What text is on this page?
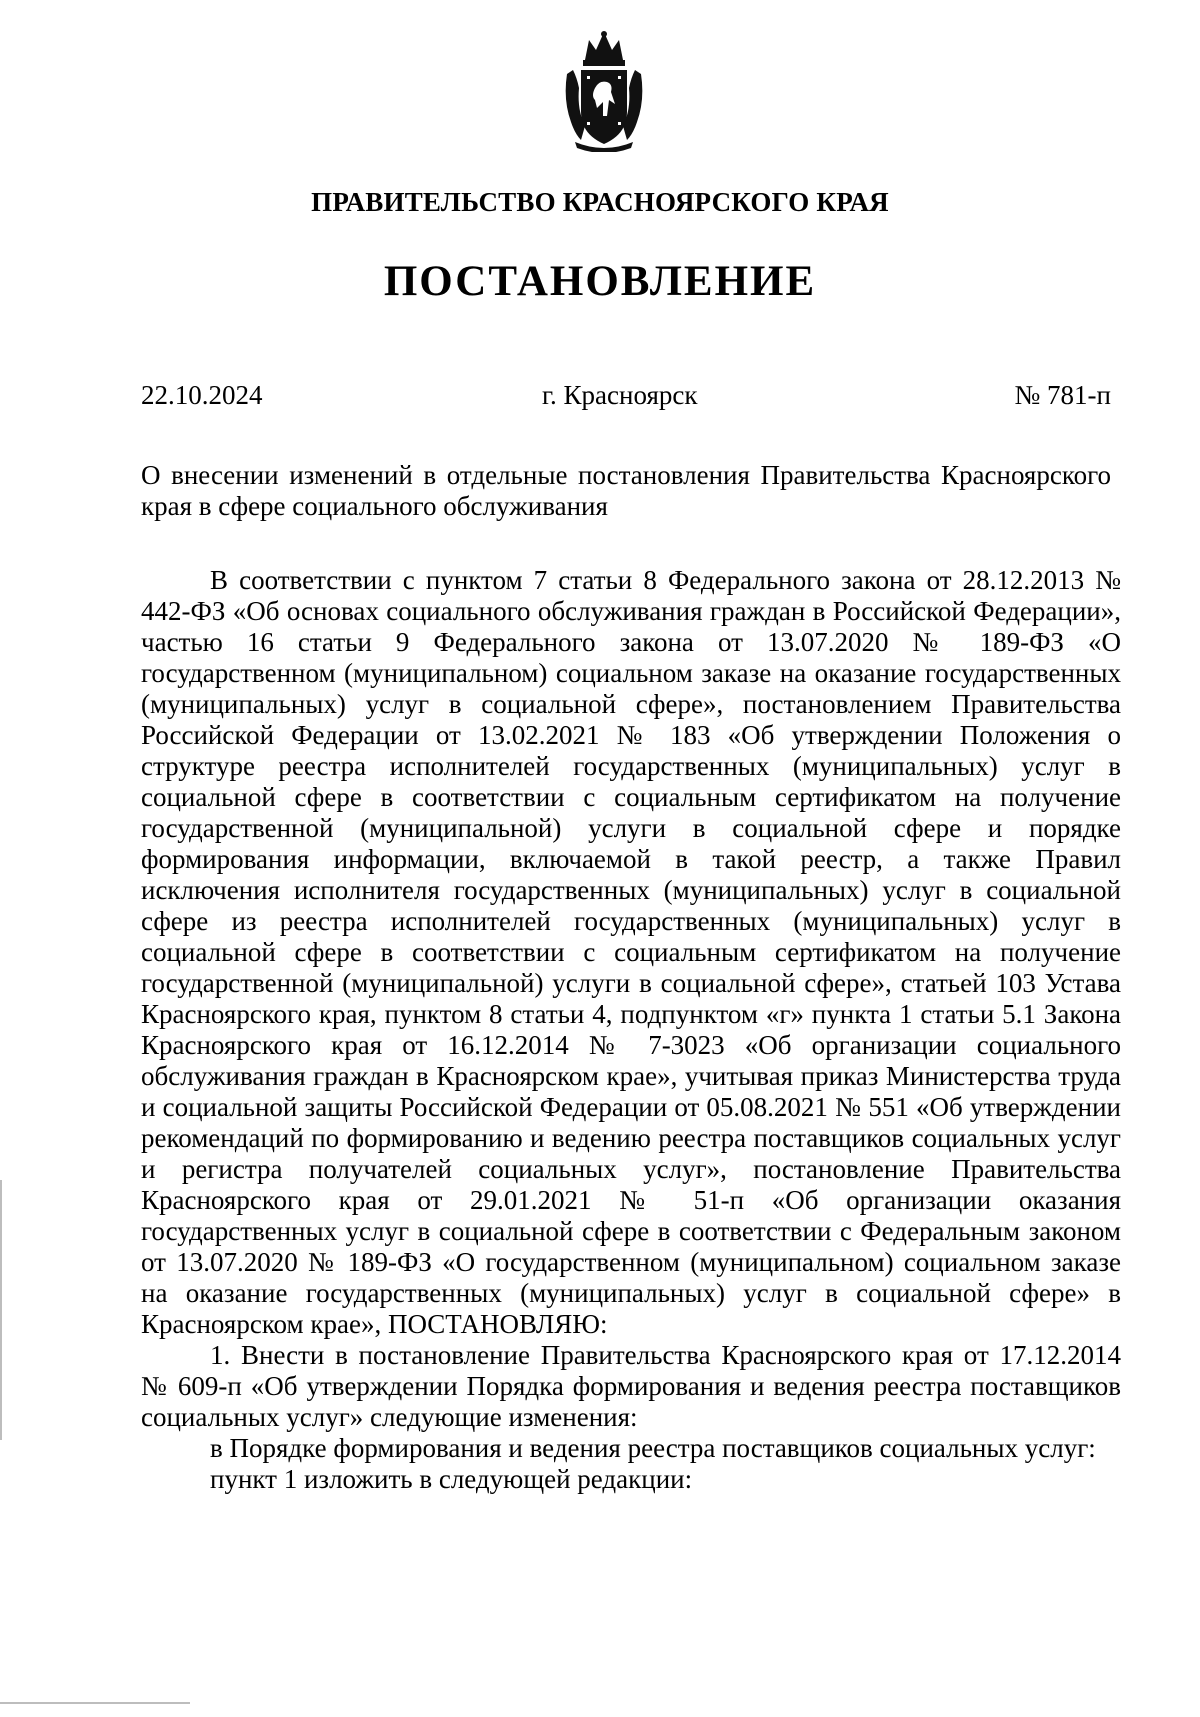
ПРАВИТЕЛЬСТВО КРАСНОЯРСКОГО КРАЯ
ПОСТАНОВЛЕНИЕ
22.10.2024	г. Красноярск	№ 781-п
О внесении изменений в отдельные постановления Правительства Красноярского края в сфере социального обслуживания

В соответствии с пунктом 7 статьи 8 Федерального закона от 28.12.2013 № 442-ФЗ «Об основах социального обслуживания граждан в Российской Федерации», частью 16 статьи 9 Федерального закона от 13.07.2020 № 189-ФЗ «О государственном (муниципальном) социальном заказе на оказание государственных (муниципальных) услуг в социальной сфере», постановлением Правительства Российской Федерации от 13.02.2021 № 183 «Об утверждении Положения о структуре реестра исполнителей государственных (муниципальных) услуг в социальной сфере в соответствии с социальным сертификатом на получение государственной (муниципальной) услуги в социальной сфере и порядке формирования информации, включаемой в такой реестр, а также Правил исключения исполнителя государственных (муниципальных) услуг в социальной сфере из реестра исполнителей государственных (муниципальных) услуг в социальной сфере в соответствии с социальным сертификатом на получение государственной (муниципальной) услуги в социальной сфере», статьей 103 Устава Красноярского края, пунктом 8 статьи 4, подпунктом «г» пункта 1 статьи 5.1 Закона Красноярского края от 16.12.2014 № 7-3023 «Об организации социального обслуживания граждан в Красноярском крае», учитывая приказ Министерства труда и социальной защиты Российской Федерации от 05.08.2021 № 551 «Об утверждении рекомендаций по формированию и ведению реестра поставщиков социальных услуг и регистра получателей социальных услуг», постановление Правительства Красноярского края от 29.01.2021 № 51-п «Об организации оказания государственных услуг в социальной сфере в соответствии с Федеральным законом от 13.07.2020 № 189-ФЗ «О государственном (муниципальном) социальном заказе на оказание государственных (муниципальных) услуг в социальной сфере» в Красноярском крае», ПОСТАНОВЛЯЮ:

1. Внести в постановление Правительства Красноярского края от 17.12.2014 № 609-п «Об утверждении Порядка формирования и ведения реестра поставщиков социальных услуг» следующие изменения:

в Порядке формирования и ведения реестра поставщиков социальных услуг:

пункт 1 изложить в следующей редакции:
